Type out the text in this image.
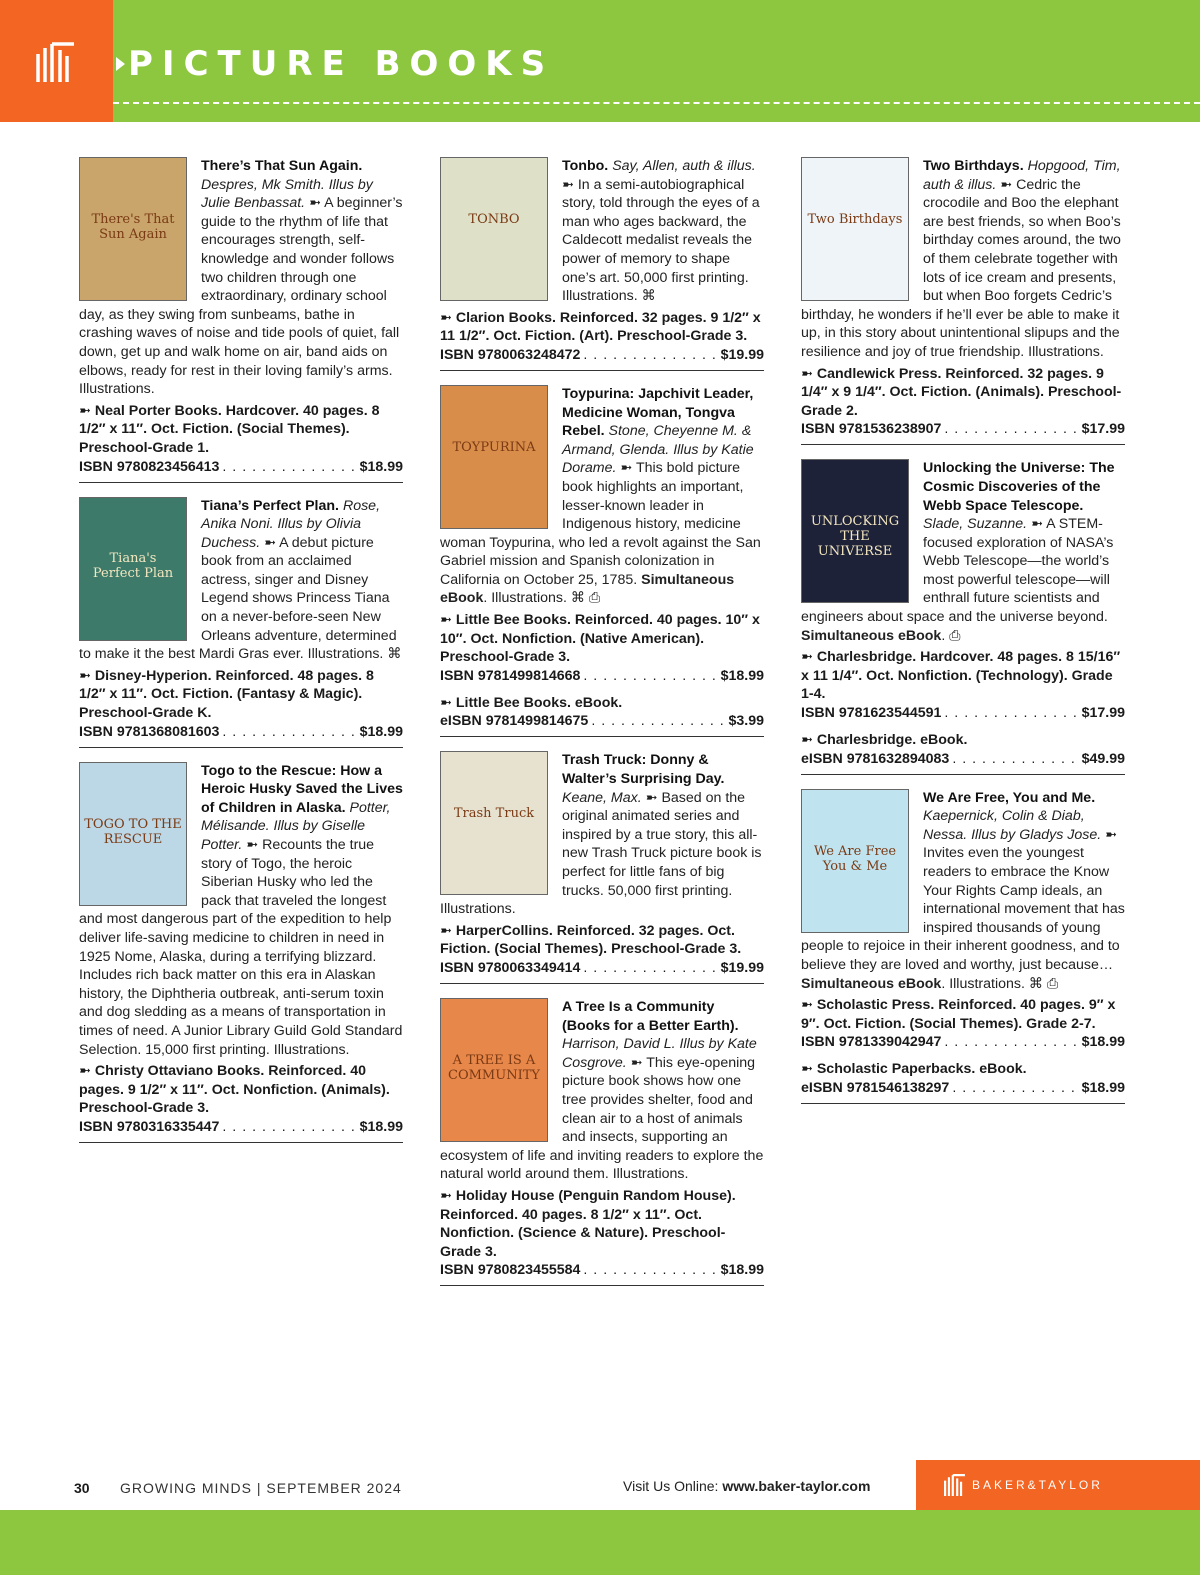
PICTURE BOOKS
There's That Sun Again
There’s That Sun Again. Despres, Mk Smith. Illus by Julie Benbassat. ➼ A beginner’s guide to the rhythm of life that encourages strength, self-knowledge and wonder follows two children through one extraordinary, ordinary school day, as they swing from sunbeams, bathe in crashing waves of noise and tide pools of quiet, fall down, get up and walk home on air, band aids on elbows, ready for rest in their loving family’s arms. Illustrations.
➼ Neal Porter Books. Hardcover. 40 pages. 8 1/2″ x 11″. Oct. Fiction. (Social Themes). Preschool-Grade 1.
ISBN 9780823456413 . . .	$18.99
Tiana's Perfect Plan
Tiana’s Perfect Plan. Rose, Anika Noni. Illus by Olivia Duchess. ➼ A debut picture book from an acclaimed actress, singer and Disney Legend shows Princess Tiana on a never-before-seen New Orleans adventure, determined to make it the best Mardi Gras ever. Illustrations. ⌘
➼ Disney-Hyperion. Reinforced. 48 pages. 8 1/2″ x 11″. Oct. Fiction. (Fantasy & Magic). Preschool-Grade K.
ISBN 9781368081603 . . .	$18.99
TOGO TO THE RESCUE
Togo to the Rescue: How a Heroic Husky Saved the Lives of Children in Alaska. Potter, Mélisande. Illus by Giselle Potter. ➼ Recounts the true story of Togo, the heroic Siberian Husky who led the pack that traveled the longest and most dangerous part of the expedition to help deliver life-saving medicine to children in need in 1925 Nome, Alaska, during a terrifying blizzard. Includes rich back matter on this era in Alaskan history, the Diphtheria outbreak, anti-serum toxin and dog sledding as a means of transportation in times of need. A Junior Library Guild Gold Standard Selection. 15,000 first printing. Illustrations.
➼ Christy Ottaviano Books. Reinforced. 40 pages. 9 1/2″ x 11″. Oct. Nonfiction. (Animals). Preschool-Grade 3.
ISBN 9780316335447 . . .	$18.99
TONBO
Tonbo. Say, Allen, auth & illus. ➼ In a semi-autobiographical story, told through the eyes of a man who ages backward, the Caldecott medalist reveals the power of memory to shape one’s art. 50,000 first printing. Illustrations. ⌘
➼ Clarion Books. Reinforced. 32 pages. 9 1/2″ x 11 1/2″. Oct. Fiction. (Art). Preschool-Grade 3.
ISBN 9780063248472 . . .	$19.99
TOYPURINA
Toypurina: Japchivit Leader, Medicine Woman, Tongva Rebel. Stone, Cheyenne M. & Armand, Glenda. Illus by Katie Dorame. ➼ This bold picture book highlights an important, lesser-known leader in Indigenous history, medicine woman Toypurina, who led a revolt against the San Gabriel mission and Spanish colonization in California on October 25, 1785. Simultaneous eBook. Illustrations. ⌘ ⎙
➼ Little Bee Books. Reinforced. 40 pages. 10″ x 10″. Oct. Nonfiction. (Native American). Preschool-Grade 3.
ISBN 9781499814668 . . .	$18.99
➼ Little Bee Books. eBook.
eISBN 9781499814675 . . .	$3.99
Trash Truck
Trash Truck: Donny & Walter’s Surprising Day. Keane, Max. ➼ Based on the original animated series and inspired by a true story, this all-new Trash Truck picture book is perfect for little fans of big trucks. 50,000 first printing. Illustrations.
➼ HarperCollins. Reinforced. 32 pages. Oct. Fiction. (Social Themes). Preschool-Grade 3.
ISBN 9780063349414 . . .	$19.99
A TREE IS A COMMUNITY
A Tree Is a Community (Books for a Better Earth). Harrison, David L. Illus by Kate Cosgrove. ➼ This eye-opening picture book shows how one tree provides shelter, food and clean air to a host of animals and insects, supporting an ecosystem of life and inviting readers to explore the natural world around them. Illustrations.
➼ Holiday House (Penguin Random House). Reinforced. 40 pages. 8 1/2″ x 11″. Oct. Nonfiction. (Science & Nature). Preschool-Grade 3.
ISBN 9780823455584 . . .	$18.99
Two Birthdays
Two Birthdays. Hopgood, Tim, auth & illus. ➼ Cedric the crocodile and Boo the elephant are best friends, so when Boo’s birthday comes around, the two of them celebrate together with lots of ice cream and presents, but when Boo forgets Cedric’s birthday, he wonders if he’ll ever be able to make it up, in this story about unintentional slipups and the resilience and joy of true friendship. Illustrations.
➼ Candlewick Press. Reinforced. 32 pages. 9 1/4″ x 9 1/4″. Oct. Fiction. (Animals). Preschool-Grade 2.
ISBN 9781536238907 . . .	$17.99
UNLOCKING THE UNIVERSE
Unlocking the Universe: The Cosmic Discoveries of the Webb Space Telescope. Slade, Suzanne. ➼ A STEM-focused exploration of NASA’s Webb Telescope—the world’s most powerful telescope—will enthrall future scientists and engineers about space and the universe beyond. Simultaneous eBook. ⎙
➼ Charlesbridge. Hardcover. 48 pages. 8 15/16″ x 11 1/4″. Oct. Nonfiction. (Technology). Grade 1-4.
ISBN 9781623544591 . . .	$17.99
➼ Charlesbridge. eBook.
eISBN 9781632894083 . . .	$49.99
We Are Free You & Me
We Are Free, You and Me. Kaepernick, Colin & Diab, Nessa. Illus by Gladys Jose. ➼ Invites even the youngest readers to embrace the Know Your Rights Camp ideals, an international movement that has inspired thousands of young people to rejoice in their inherent goodness, and to believe they are loved and worthy, just because… Simultaneous eBook. Illustrations. ⌘ ⎙
➼ Scholastic Press. Reinforced. 40 pages. 9″ x 9″. Oct. Fiction. (Social Themes). Grade 2-7.
ISBN 9781339042947 . . .	$18.99
➼ Scholastic Paperbacks. eBook.
eISBN 9781546138297 . . .	$18.99
30 GROWING MINDS | SEPTEMBER 2024	Visit Us Online: www.baker-taylor.com	BAKER&TAYLOR
